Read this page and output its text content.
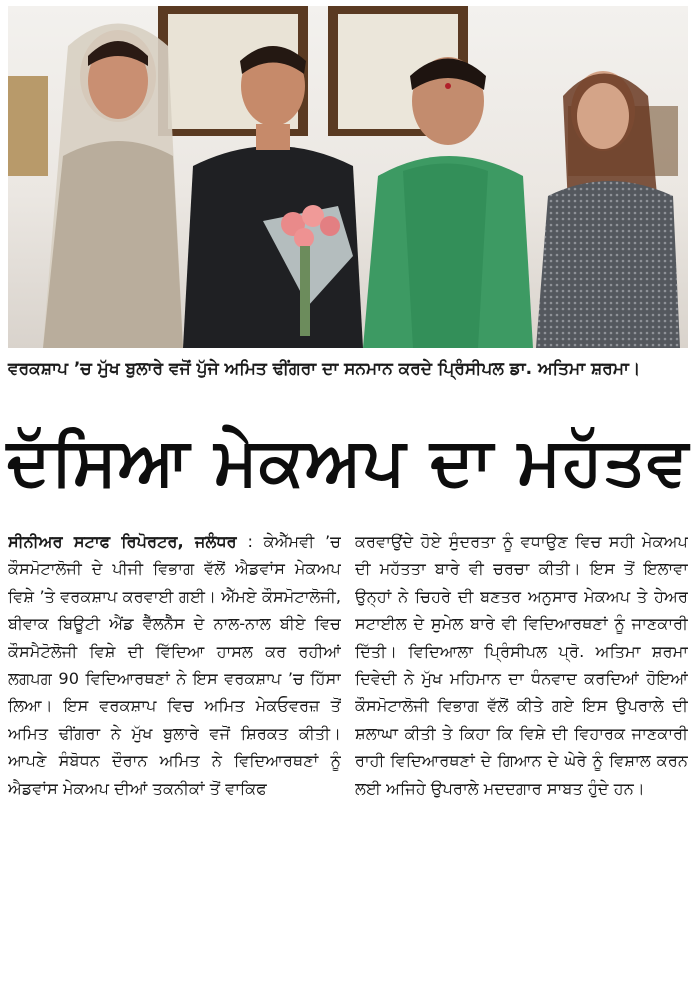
ਵਰਕਸ਼ਾਪ ’ਚ ਮੁੱਖ ਬੁਲਾਰੇ ਵਜੋਂ ਪੁੱਜੇ ਅਮਿਤ ਢੀਂਗਰਾ ਦਾ ਸਨਮਾਨ ਕਰਦੇ ਪ੍ਰਿੰਸੀਪਲ ਡਾ. ਅਤਿਮਾ ਸ਼ਰਮਾ।
ਦੱਸਿਆ ਮੇਕਅਪ ਦਾ ਮਹੱਤਵ
ਸੀਨੀਅਰ ਸਟਾਫ ਰਿਪੋਰਟਰ, ਜਲੰਧਰ : ਕੇਐੱਮਵੀ ’ਚ ਕੌਸਮੋਟਾਲੋਜੀ ਦੇ ਪੀਜੀ ਵਿਭਾਗ ਵੱਲੋਂ ਐਡਵਾਂਸ ਮੇਕਅਪ ਵਿਸ਼ੇ ’ਤੇ ਵਰਕਸ਼ਾਪ ਕਰਵਾਈ ਗਈ। ਐੱਮਏ ਕੌਸਮੋਟਾਲੋਜੀ, ਬੀਵਾਕ ਬਿਊਟੀ ਐਂਡ ਵੈੱਲਨੈੱਸ ਦੇ ਨਾਲ-ਨਾਲ ਬੀਏ ਵਿਚ ਕੌਸਮੈਟੋਲੋਜੀ ਵਿਸ਼ੇ ਦੀ ਵਿੱਦਿਆ ਹਾਸਲ ਕਰ ਰਹੀਆਂ ਲਗਪਗ 90 ਵਿਦਿਆਰਥਣਾਂ ਨੇ ਇਸ ਵਰਕਸ਼ਾਪ ’ਚ ਹਿੱਸਾ ਲਿਆ। ਇਸ ਵਰਕਸ਼ਾਪ ਵਿਚ ਅਮਿਤ ਮੇਕਓਵਰਜ਼ ਤੋਂ ਅਮਿਤ ਢੀਂਗਰਾ ਨੇ ਮੁੱਖ ਬੁਲਾਰੇ ਵਜੋਂ ਸ਼ਿਰਕਤ ਕੀਤੀ। ਆਪਣੇ ਸੰਬੋਧਨ ਦੌਰਾਨ ਅਮਿਤ ਨੇ ਵਿਦਿਆਰਥਣਾਂ ਨੂੰ ਐਡਵਾਂਸ ਮੇਕਅਪ ਦੀਆਂ ਤਕਨੀਕਾਂ ਤੋਂ ਵਾਕਿਫ
ਕਰਵਾਉਂਦੇ ਹੋਏ ਸੁੰਦਰਤਾ ਨੂੰ ਵਧਾਉਣ ਵਿਚ ਸਹੀ ਮੇਕਅਪ ਦੀ ਮਹੱਤਤਾ ਬਾਰੇ ਵੀ ਚਰਚਾ ਕੀਤੀ। ਇਸ ਤੋਂ ਇਲਾਵਾ ਉਨ੍ਹਾਂ ਨੇ ਚਿਹਰੇ ਦੀ ਬਣਤਰ ਅਨੁਸਾਰ ਮੇਕਅਪ ਤੇ ਹੇਅਰ ਸਟਾਈਲ ਦੇ ਸੁਮੇਲ ਬਾਰੇ ਵੀ ਵਿਦਿਆਰਥਣਾਂ ਨੂੰ ਜਾਣਕਾਰੀ ਦਿੱਤੀ। ਵਿਦਿਆਲਾ ਪ੍ਰਿੰਸੀਪਲ ਪ੍ਰੋ. ਅਤਿਮਾ ਸ਼ਰਮਾ ਦਿਵੇਦੀ ਨੇ ਮੁੱਖ ਮਹਿਮਾਨ ਦਾ ਧੰਨਵਾਦ ਕਰਦਿਆਂ ਹੋਇਆਂ ਕੌਸਮੋਟਾਲੋਜੀ ਵਿਭਾਗ ਵੱਲੋਂ ਕੀਤੇ ਗਏ ਇਸ ਉਪਰਾਲੇ ਦੀ ਸ਼ਲਾਘਾ ਕੀਤੀ ਤੇ ਕਿਹਾ ਕਿ ਵਿਸ਼ੇ ਦੀ ਵਿਹਾਰਕ ਜਾਣਕਾਰੀ ਰਾਹੀ ਵਿਦਿਆਰਥਣਾਂ ਦੇ ਗਿਆਨ ਦੇ ਘੇਰੇ ਨੂੰ ਵਿਸ਼ਾਲ ਕਰਨ ਲਈ ਅਜਿਹੇ ਉਪਰਾਲੇ ਮਦਦਗਾਰ ਸਾਬਤ ਹੁੰਦੇ ਹਨ।
